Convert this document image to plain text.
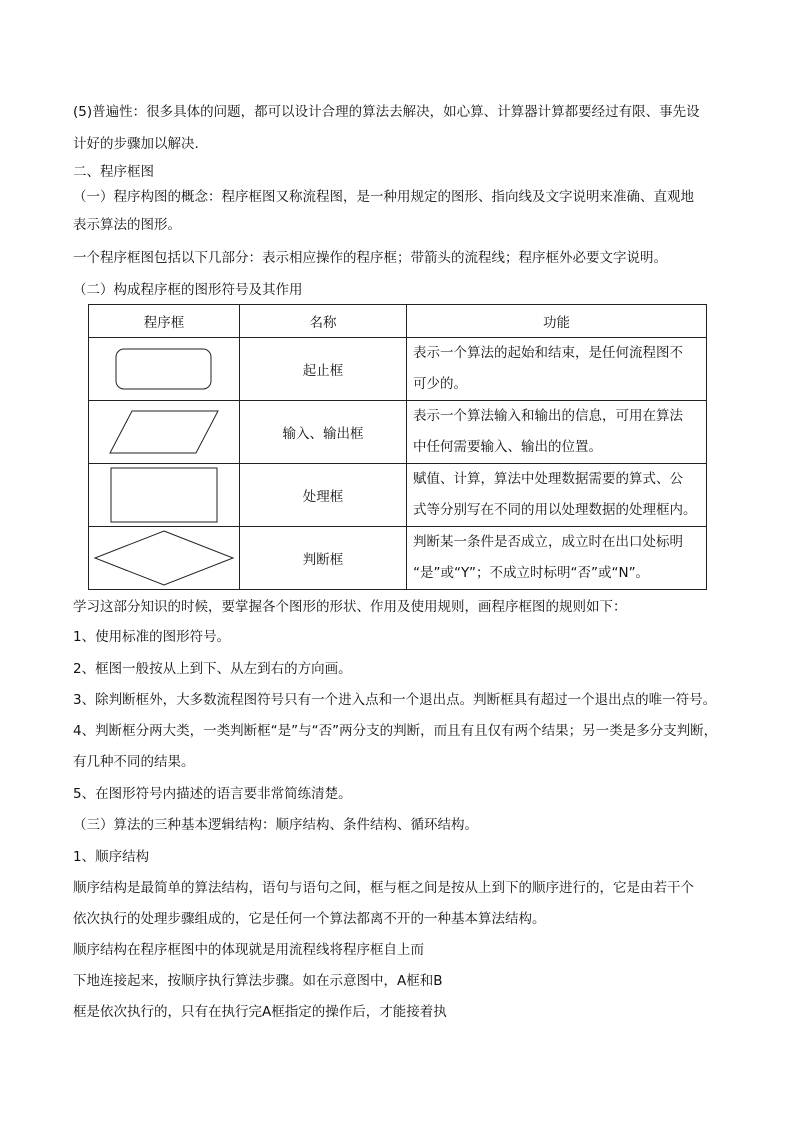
(5)普遍性：很多具体的问题，都可以设计合理的算法去解决，如心算、计算器计算都要经过有限、事先设
计好的步骤加以解决.
二、程序框图
（一）程序构图的概念：程序框图又称流程图，是一种用规定的图形、指向线及文字说明来准确、直观地
表示算法的图形。
一个程序框图包括以下几部分：表示相应操作的程序框；带箭头的流程线；程序框外必要文字说明。
（二）构成程序框的图形符号及其作用
程序框	名称	功能

	起止框	表示一个算法的起始和结束，是任何流程图不
可少的。

	输入、输出框	表示一个算法输入和输出的信息，可用在算法
中任何需要输入、输出的位置。

	处理框	赋值、计算，算法中处理数据需要的算式、公
式等分别写在不同的用以处理数据的处理框内。

	判断框	判断某一条件是否成立，成立时在出口处标明
“是”或“Y”；不成立时标明“否”或“N”。
学习这部分知识的时候，要掌握各个图形的形状、作用及使用规则，画程序框图的规则如下：
1、使用标准的图形符号。
2、框图一般按从上到下、从左到右的方向画。
3、除判断框外，大多数流程图符号只有一个进入点和一个退出点。判断框具有超过一个退出点的唯一符号。
4、判断框分两大类，一类判断框“是”与“否”两分支的判断，而且有且仅有两个结果；另一类是多分支判断，
有几种不同的结果。
5、在图形符号内描述的语言要非常简练清楚。
（三）算法的三种基本逻辑结构：顺序结构、条件结构、循环结构。
1、顺序结构
顺序结构是最简单的算法结构，语句与语句之间，框与框之间是按从上到下的顺序进行的，它是由若干个
依次执行的处理步骤组成的，它是任何一个算法都离不开的一种基本算法结构。
顺序结构在程序框图中的体现就是用流程线将程序框自上而
下地连接起来，按顺序执行算法步骤。如在示意图中，A框和B
框是依次执行的，只有在执行完A框指定的操作后，才能接着执
